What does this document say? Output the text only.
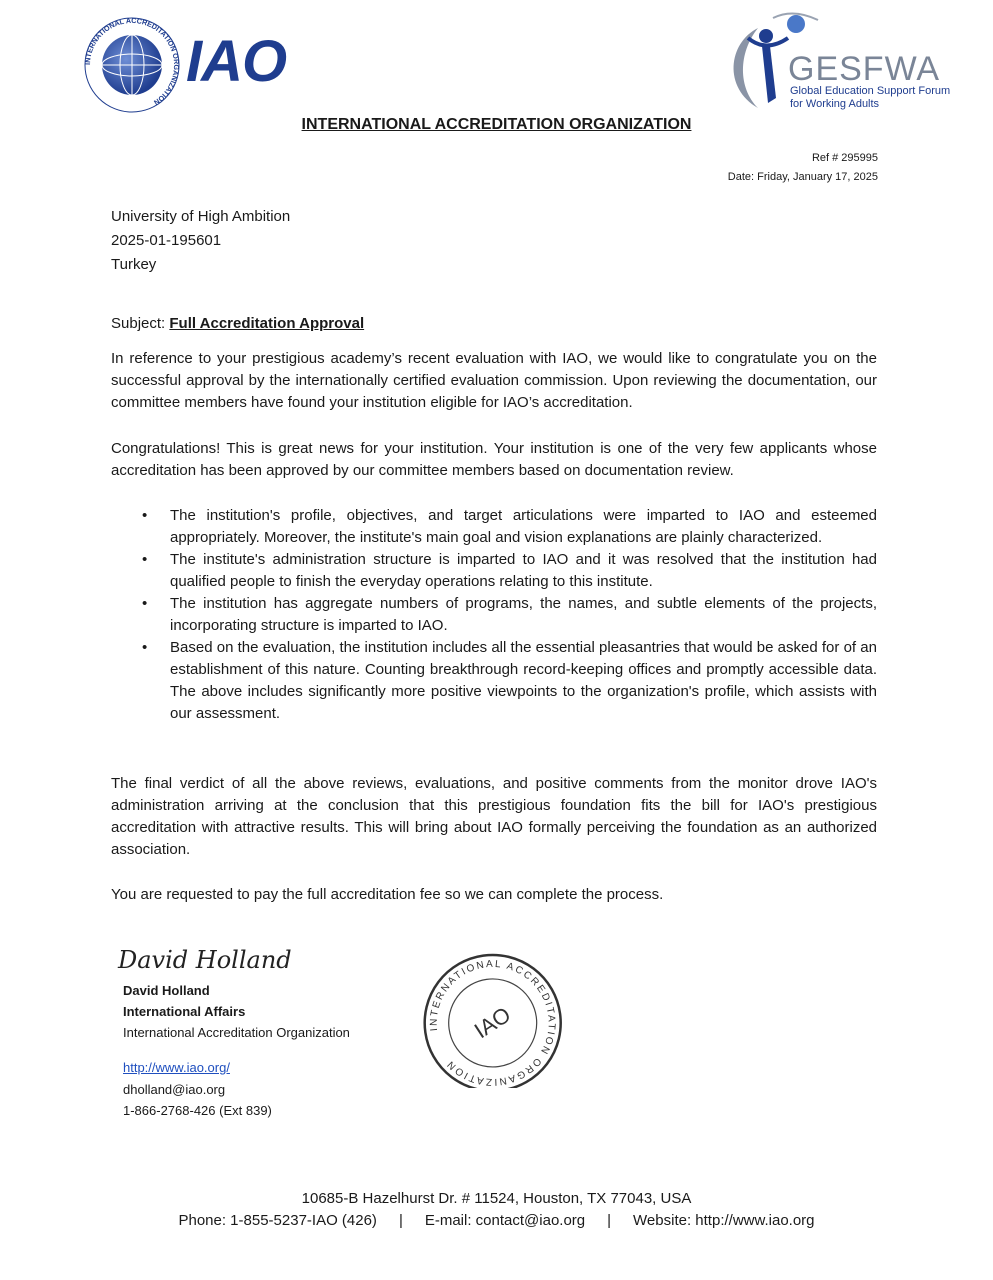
INTERNATIONAL ACCREDITATION ORGANIZATION
IAO	GESFWA
Global Education Support Forum
for Working Adults
INTERNATIONAL ACCREDITATION ORGANIZATION
Ref # 295995
Date: Friday, January 17, 2025
University of High Ambition
2025-01-195601
Turkey
Subject: Full Accreditation Approval
In reference to your prestigious academy’s recent evaluation with IAO, we would like to congratulate you on the successful approval by the internationally certified evaluation commission. Upon reviewing the documentation, our committee members have found your institution eligible for IAO’s accreditation.
Congratulations! This is great news for your institution. Your institution is one of the very few applicants whose accreditation has been approved by our committee members based on documentation review.
• The institution's profile, objectives, and target articulations were imparted to IAO and esteemed appropriately. Moreover, the institute's main goal and vision explanations are plainly characterized.
• The institute's administration structure is imparted to IAO and it was resolved that the institution had qualified people to finish the everyday operations relating to this institute.
• The institution has aggregate numbers of programs, the names, and subtle elements of the projects, incorporating structure is imparted to IAO.
• Based on the evaluation, the institution includes all the essential pleasantries that would be asked for of an establishment of this nature. Counting breakthrough record-keeping offices and promptly accessible data. The above includes significantly more positive viewpoints to the organization's profile, which assists with our assessment.
The final verdict of all the above reviews, evaluations, and positive comments from the monitor drove IAO's administration arriving at the conclusion that this prestigious foundation fits the bill for IAO's prestigious accreditation with attractive results. This will bring about IAO formally perceiving the foundation as an authorized association.
You are requested to pay the full accreditation fee so we can complete the process.
David Holland
David Holland
International Affairs
International Accreditation Organization
http://www.iao.org/
dholland@iao.org
1-866-2768-426 (Ext 839)
INTERNATIONAL ACCREDITATION ORGANIZATION
IAO
10685-B Hazelhurst Dr. # 11524, Houston, TX 77043, USA
Phone: 1-855-5237-IAO (426) | E-mail: contact@iao.org | Website: http://www.iao.org
